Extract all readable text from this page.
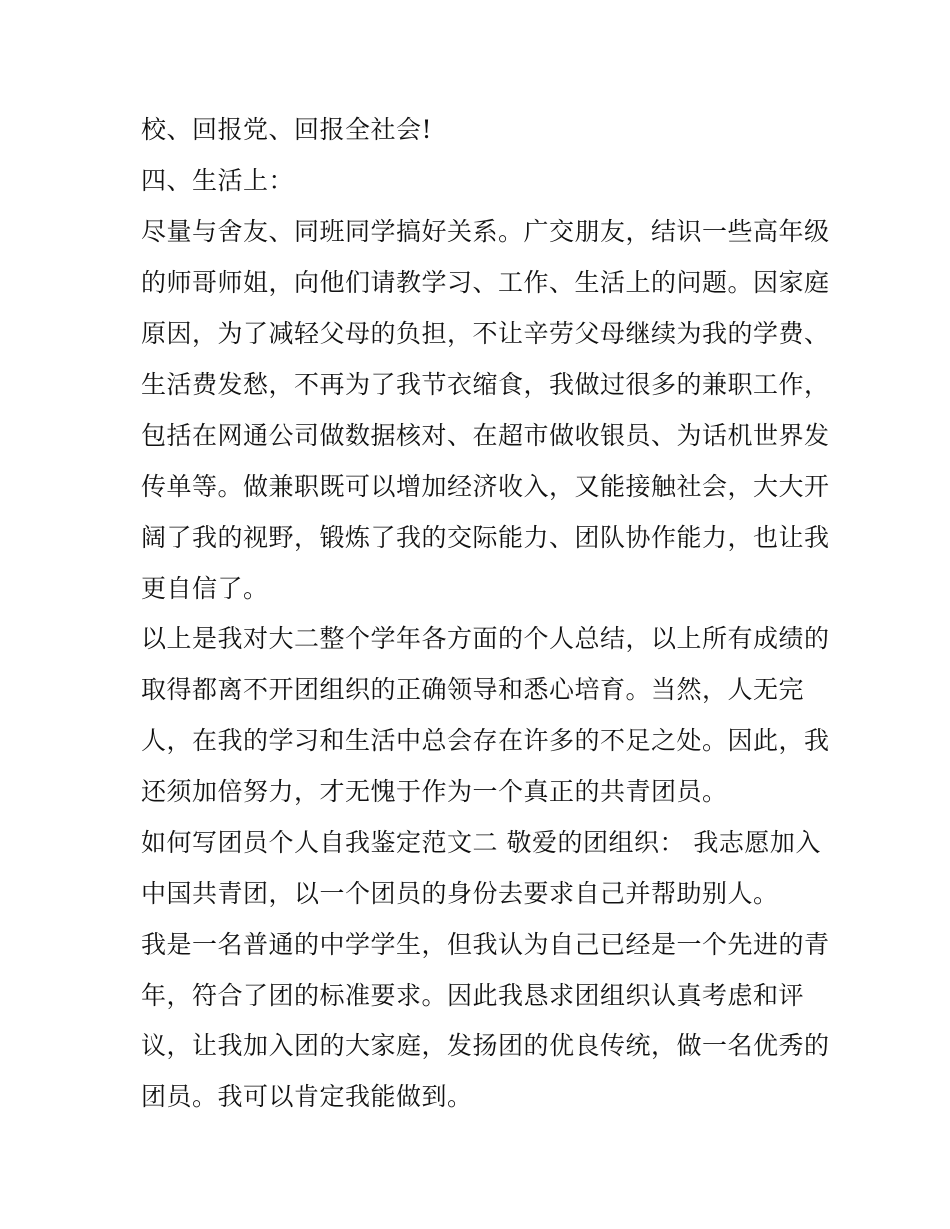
校、回报党、回报全社会!
四、生活上：
尽量与舍友、同班同学搞好关系。广交朋友，结识一些高年级
的师哥师姐，向他们请教学习、工作、生活上的问题。因家庭
原因，为了减轻父母的负担，不让辛劳父母继续为我的学费、
生活费发愁，不再为了我节衣缩食，我做过很多的兼职工作，
包括在网通公司做数据核对、在超市做收银员、为话机世界发
传单等。做兼职既可以增加经济收入，又能接触社会，大大开
阔了我的视野，锻炼了我的交际能力、团队协作能力，也让我
更自信了。
以上是我对大二整个学年各方面的个人总结，以上所有成绩的
取得都离不开团组织的正确领导和悉心培育。当然，人无完
人，在我的学习和生活中总会存在许多的不足之处。因此，我
还须加倍努力，才无愧于作为一个真正的共青团员。
如何写团员个人自我鉴定范文二 敬爱的团组织： 我志愿加入
中国共青团，以一个团员的身份去要求自己并帮助别人。
我是一名普通的中学学生，但我认为自己已经是一个先进的青
年，符合了团的标准要求。因此我恳求团组织认真考虑和评
议，让我加入团的大家庭，发扬团的优良传统，做一名优秀的
团员。我可以肯定我能做到。
